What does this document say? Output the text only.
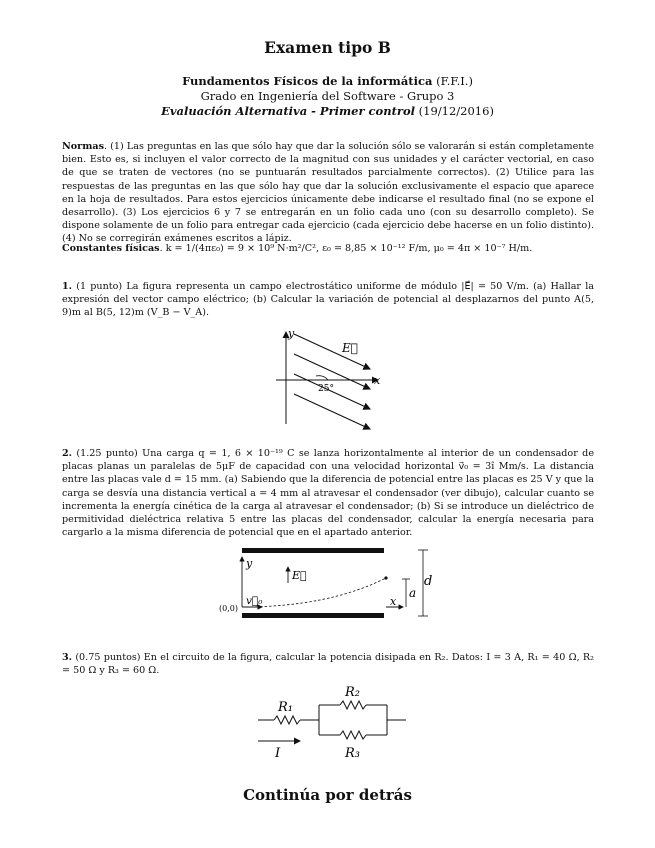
Examen tipo B
Fundamentos Físicos de la informática (F.F.I.)
Grado en Ingeniería del Software - Grupo 3
Evaluación Alternativa - Primer control (19/12/2016)
Normas. (1) Las preguntas en las que sólo hay que dar la solución sólo se valorarán si están completamente bien. Esto es, si incluyen el valor correcto de la magnitud con sus unidades y el carácter vectorial, en caso de que se traten de vectores (no se puntuarán resultados parcialmente correctos). (2) Utilice para las respuestas de las preguntas en las que sólo hay que dar la solución exclusivamente el espacio que aparece en la hoja de resultados. Para estos ejercicios únicamente debe indicarse el resultado final (no se expone el desarrollo). (3) Los ejercicios 6 y 7 se entregarán en un folio cada uno (con su desarrollo completo). Se dispone solamente de un folio para entregar cada ejercicio (cada ejercicio debe hacerse en un folio distinto). (4) No se corregirán exámenes escritos a lápiz.
Constantes físicas. k = 1/(4πε₀) = 9 × 10⁹ N·m²/C², ε₀ = 8,85 × 10⁻¹² F/m, μ₀ = 4π × 10⁻⁷ H/m.
1. (1 punto) La figura representa un campo electrostático uniforme de módulo |E⃗| = 50 V/m. (a) Hallar la expresión del vector campo eléctrico; (b) Calcular la variación de potencial al desplazarnos del punto A(5, 9)m al B(5, 12)m (V_B − V_A).
y
x
25°
E⃗
2. (1.25 punto) Una carga q = 1, 6 × 10⁻¹⁹ C se lanza horizontalmente al interior de un condensador de placas planas un paralelas de 5μF de capacidad con una velocidad horizontal v⃗₀ = 3î Mm/s. La distancia entre las placas vale d = 15 mm. (a) Sabiendo que la diferencia de potencial entre las placas es 25 V y que la carga se desvía una distancia vertical a = 4 mm al atravesar el condensador (ver dibujo), calcular cuanto se incrementa la energía cinética de la carga al atravesar el condensador; (b) Si se introduce un dieléctrico de permitividad dieléctrica relativa 5 entre las placas del condensador, calcular la energía necesaria para cargarlo a la misma diferencia de potencial que en el apartado anterior.
y
E⃗
v⃗₀
(0,0)
x
a
d
3. (0.75 puntos) En el circuito de la figura, calcular la potencia disipada en R₂. Datos: I = 3 A, R₁ = 40 Ω, R₂ = 50 Ω y R₃ = 60 Ω.
R₁
R₂
R₃
I
Continúa por detrás
